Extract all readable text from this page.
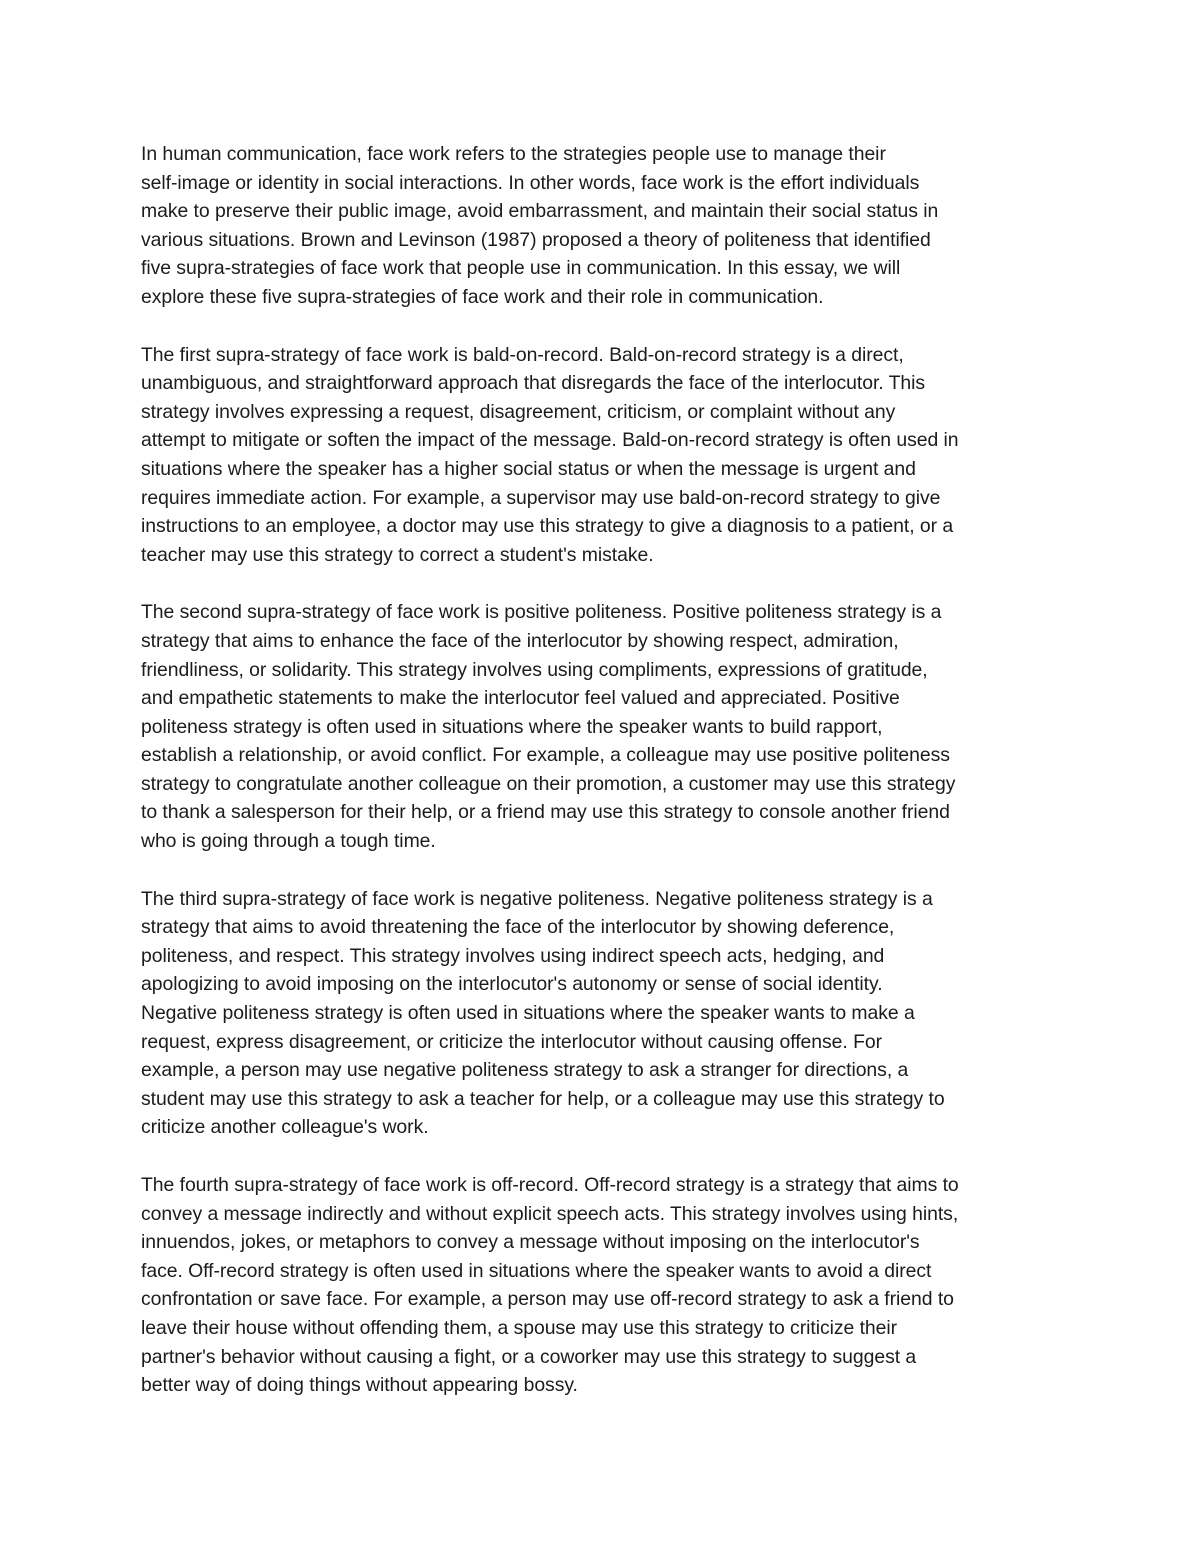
In human communication, face work refers to the strategies people use to manage their
self-image or identity in social interactions. In other words, face work is the effort individuals
make to preserve their public image, avoid embarrassment, and maintain their social status in
various situations. Brown and Levinson (1987) proposed a theory of politeness that identified
five supra-strategies of face work that people use in communication. In this essay, we will
explore these five supra-strategies of face work and their role in communication.

The first supra-strategy of face work is bald-on-record. Bald-on-record strategy is a direct,
unambiguous, and straightforward approach that disregards the face of the interlocutor. This
strategy involves expressing a request, disagreement, criticism, or complaint without any
attempt to mitigate or soften the impact of the message. Bald-on-record strategy is often used in
situations where the speaker has a higher social status or when the message is urgent and
requires immediate action. For example, a supervisor may use bald-on-record strategy to give
instructions to an employee, a doctor may use this strategy to give a diagnosis to a patient, or a
teacher may use this strategy to correct a student's mistake.

The second supra-strategy of face work is positive politeness. Positive politeness strategy is a
strategy that aims to enhance the face of the interlocutor by showing respect, admiration,
friendliness, or solidarity. This strategy involves using compliments, expressions of gratitude,
and empathetic statements to make the interlocutor feel valued and appreciated. Positive
politeness strategy is often used in situations where the speaker wants to build rapport,
establish a relationship, or avoid conflict. For example, a colleague may use positive politeness
strategy to congratulate another colleague on their promotion, a customer may use this strategy
to thank a salesperson for their help, or a friend may use this strategy to console another friend
who is going through a tough time.

The third supra-strategy of face work is negative politeness. Negative politeness strategy is a
strategy that aims to avoid threatening the face of the interlocutor by showing deference,
politeness, and respect. This strategy involves using indirect speech acts, hedging, and
apologizing to avoid imposing on the interlocutor's autonomy or sense of social identity.
Negative politeness strategy is often used in situations where the speaker wants to make a
request, express disagreement, or criticize the interlocutor without causing offense. For
example, a person may use negative politeness strategy to ask a stranger for directions, a
student may use this strategy to ask a teacher for help, or a colleague may use this strategy to
criticize another colleague's work.

The fourth supra-strategy of face work is off-record. Off-record strategy is a strategy that aims to
convey a message indirectly and without explicit speech acts. This strategy involves using hints,
innuendos, jokes, or metaphors to convey a message without imposing on the interlocutor's
face. Off-record strategy is often used in situations where the speaker wants to avoid a direct
confrontation or save face. For example, a person may use off-record strategy to ask a friend to
leave their house without offending them, a spouse may use this strategy to criticize their
partner's behavior without causing a fight, or a coworker may use this strategy to suggest a
better way of doing things without appearing bossy.
